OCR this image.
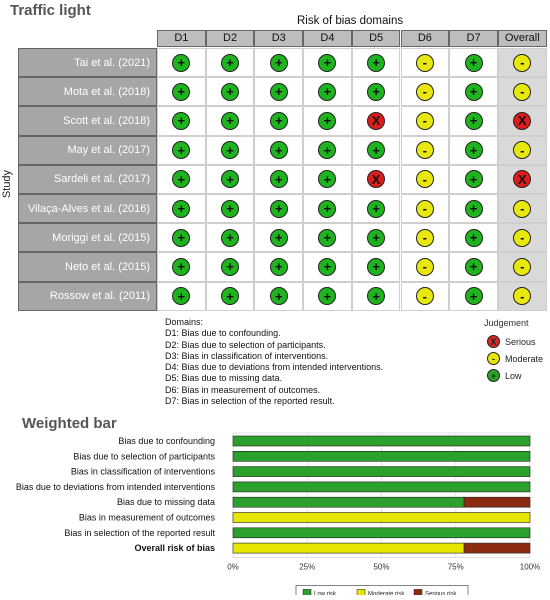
Traffic light
Risk of bias domains
Study
D1	D2	D3	D4	D5	D6	D7	Overall
Tai et al. (2021)	+	+	+	+	+	-	+	-
Mota et al. (2018)	+	+	+	+	+	-	+	-
Scott et al. (2018)	+	+	+	+	X	-	+	X
May et al. (2017)	+	+	+	+	+	-	+	-
Sardeli et al. (2017)	+	+	+	+	X	-	+	X
Vilaça-Alves et al. (2016)	+	+	+	+	+	-	+	-
Moriggi et al. (2015)	+	+	+	+	+	-	+	-
Neto et al. (2015)	+	+	+	+	+	-	+	-
Rossow et al. (2011)	+	+	+	+	+	-	+	-
Domains:
D1: Bias due to confounding.
D2: Bias due to selection of participants.
D3: Bias in classification of interventions.
D4: Bias due to deviations from intended interventions.
D5: Bias due to missing data.
D6: Bias in measurement of outcomes.
D7: Bias in selection of the reported result.
Judgement
X Serious
- Moderate
+ Low
Weighted bar
Bias due to confounding
Bias due to selection of participants
Bias in classification of interventions
Bias due to deviations from intended interventions
Bias due to missing data
Bias in measurement of outcomes
Bias in selection of the reported result
Overall risk of bias
0%	25%	50%	75%	100%
Low risk	Moderate risk	Serious risk
